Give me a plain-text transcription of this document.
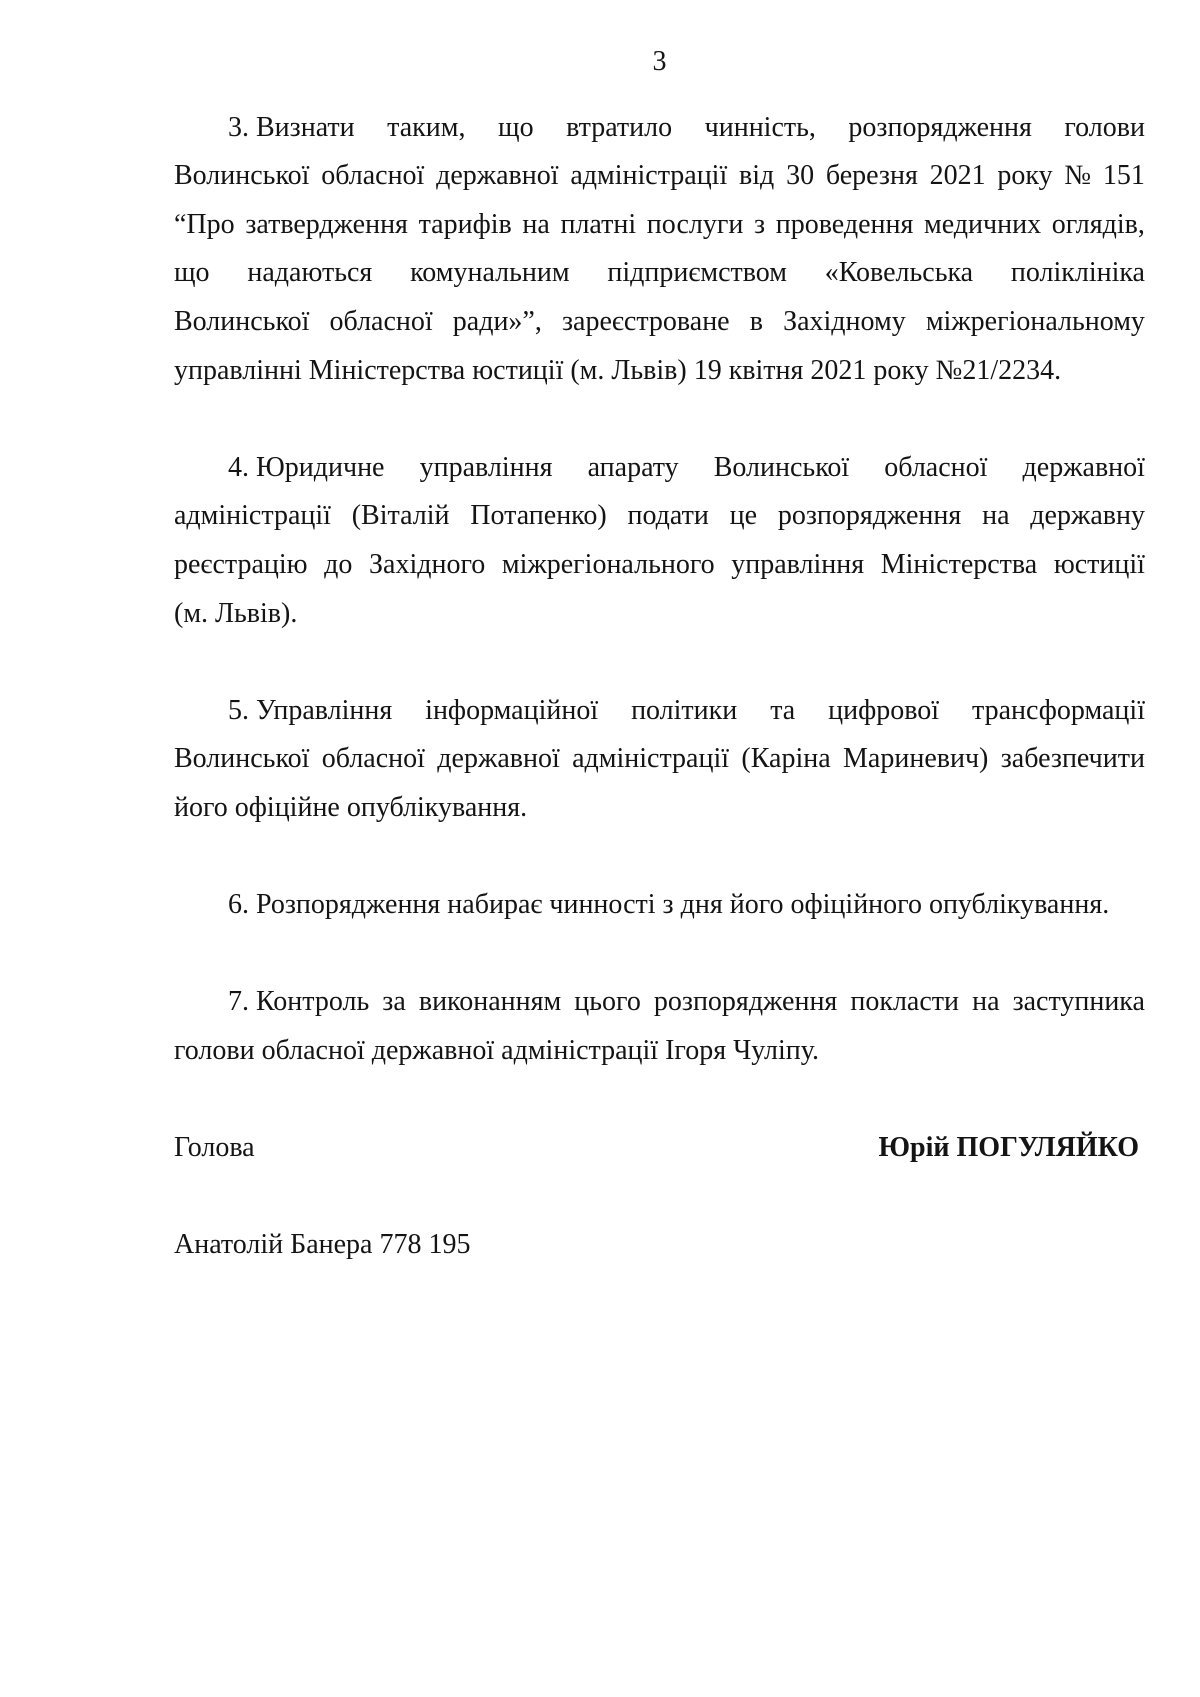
3
3. Визнати таким, що втратило чинність, розпорядження голови
Волинської обласної державної адміністрації від 30 березня 2021 року № 151
“Про затвердження тарифів на платні послуги з проведення медичних оглядів,
що надаються комунальним підприємством «Ковельська поліклініка
Волинської обласної ради»”, зареєстроване в Західному міжрегіональному
управлінні Міністерства юстиції (м. Львів) 19 квітня 2021 року №21/2234.
4. Юридичне управління апарату Волинської обласної державної
адміністрації (Віталій Потапенко) подати це розпорядження на державну
реєстрацію до Західного міжрегіонального управління Міністерства юстиції
(м. Львів).
5. Управління інформаційної політики та цифрової трансформації
Волинської обласної державної адміністрації (Каріна Мариневич) забезпечити
його офіційне опублікування.
6. Розпорядження набирає чинності з дня його офіційного опублікування.
7. Контроль за виконанням цього розпорядження покласти на заступника
голови обласної державної адміністрації Ігоря Чуліпу.
Голова	Юрій ПОГУЛЯЙКО
Анатолій Банера 778 195
